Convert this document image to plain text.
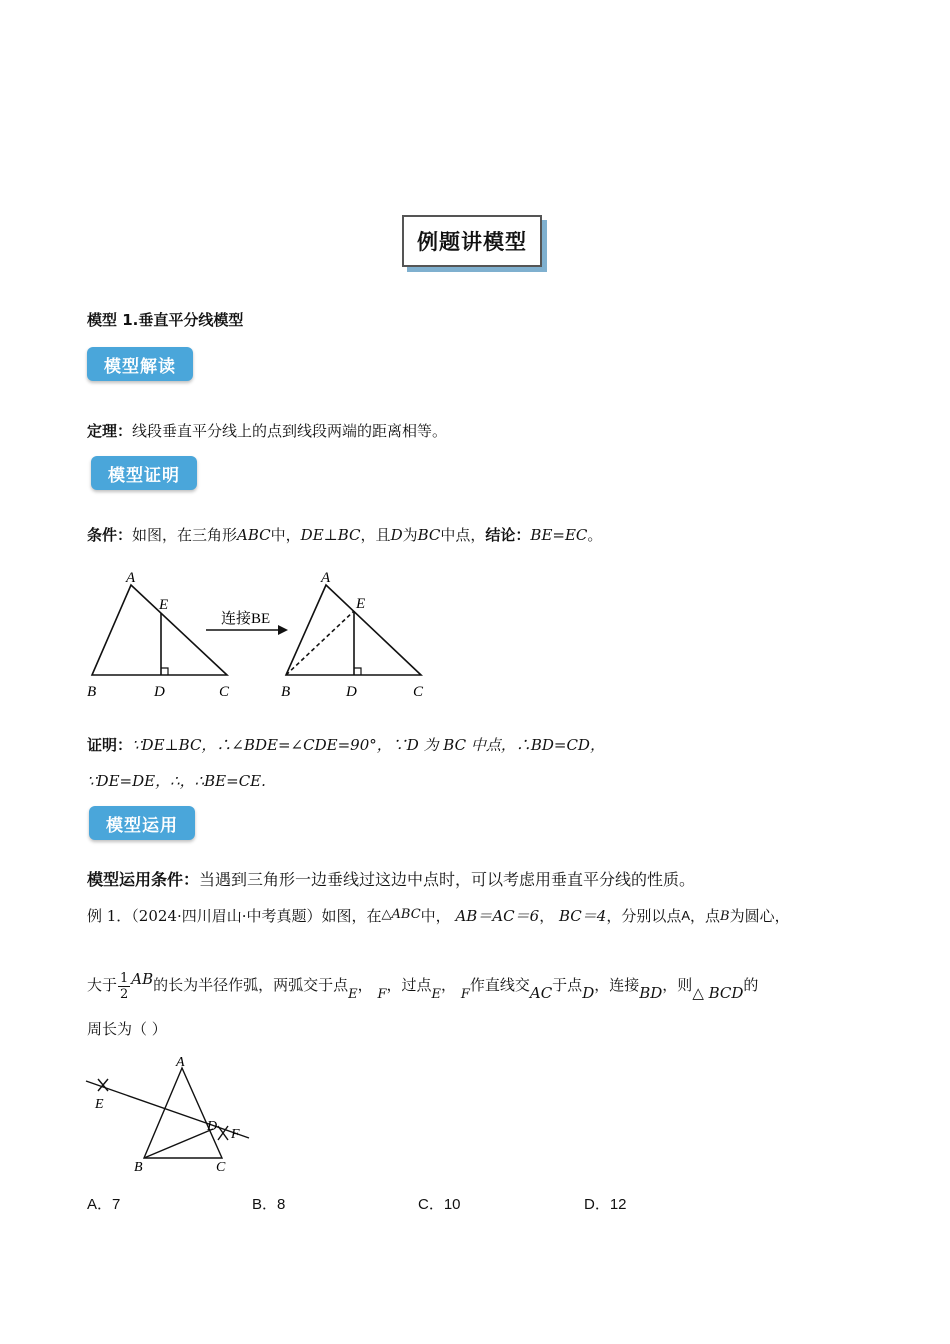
例题讲模型
模型 1.垂直平分线模型
模型解读
定理：线段垂直平分线上的点到线段两端的距离相等。
模型证明
条件：如图，在三角形ABC中，DE⊥BC，且D为BC中点，结论：BE=EC。
A
E
B	D	C
连接BE
A
E
B	D	C
证明：∵DE⊥BC，∴∠BDE=∠CDE=90°，∵D 为 BC 中点，∴BD=CD，
∵DE=DE，∴，∴BE=CE.
模型运用
模型运用条件：当遇到三角形一边垂线过这边中点时，可以考虑用垂直平分线的性质。
例 1．（2024·四川眉山·中考真题）如图，在△ABC中， AB＝AC＝6， BC＝4，分别以点A，点B为圆心，
大于 $\frac{1}{2}$ AB的长为半径作弧，两弧交于点E， F，过点E， F作直线交AC于点D，连接BD，则△ BCD的
周长为（ ）
A
E
D
F
B	C
A．7	B．8	C．10	D．12
